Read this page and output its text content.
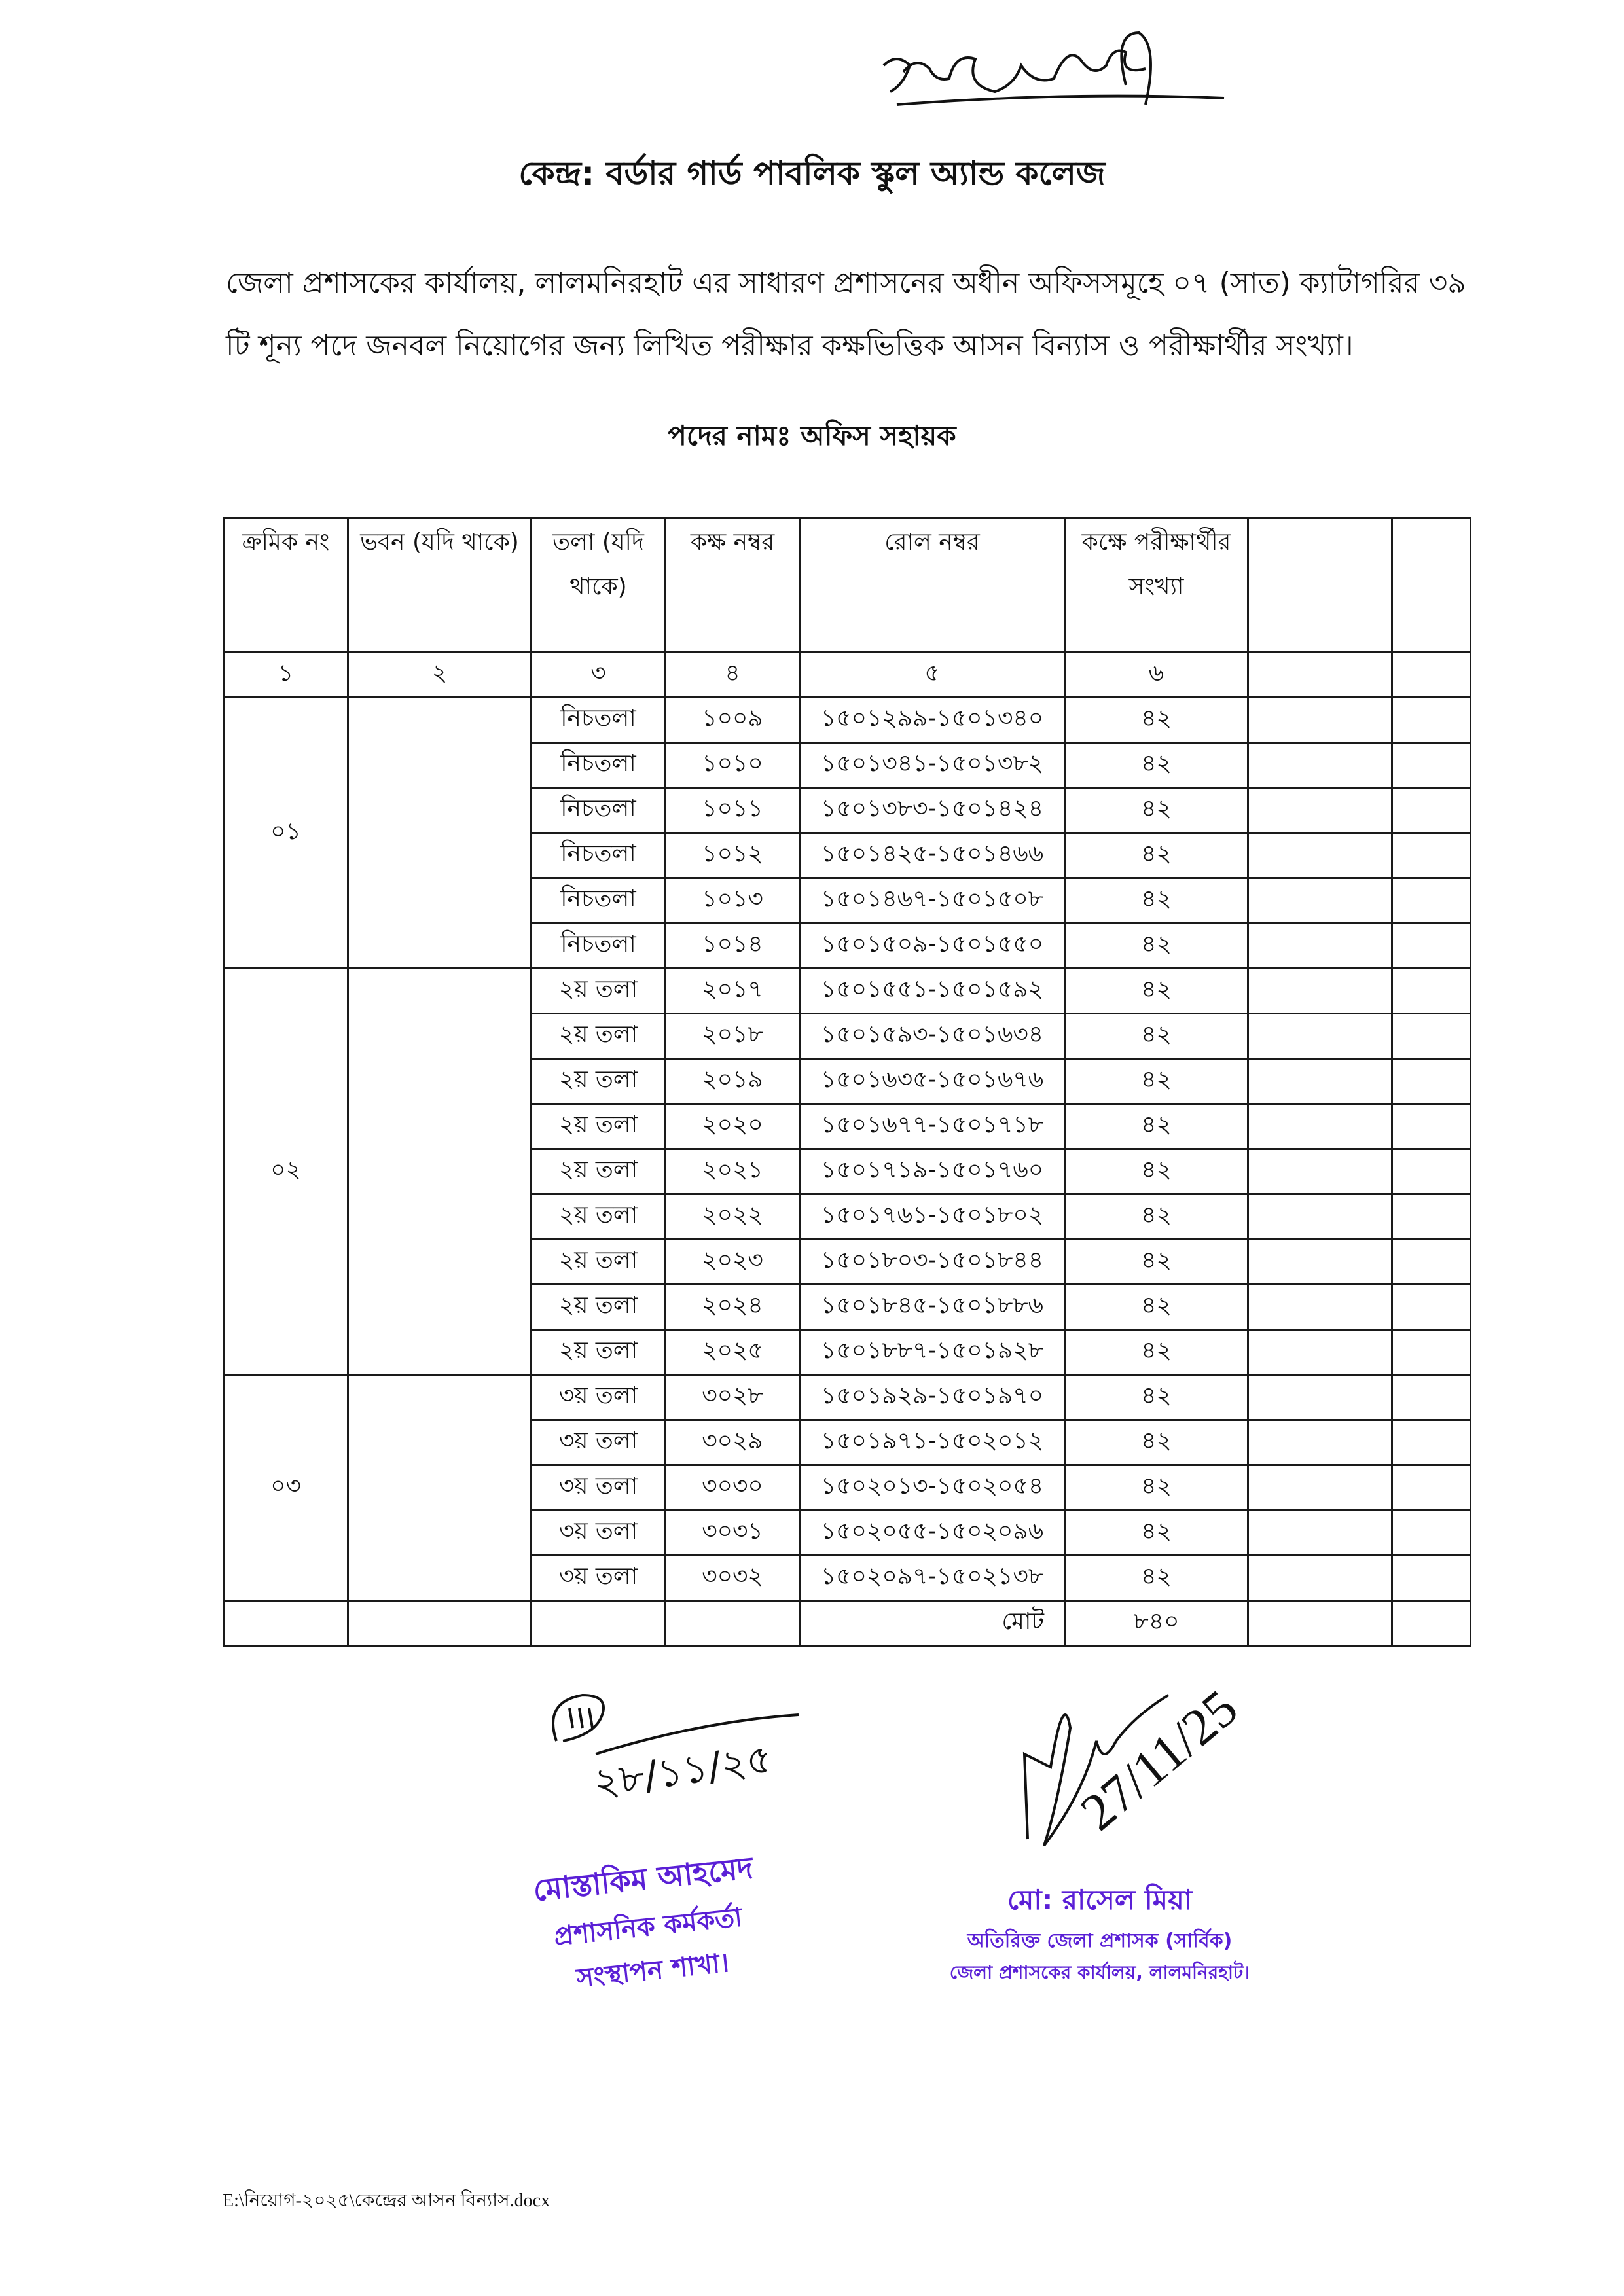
সংশোধনী
কেন্দ্র: বর্ডার গার্ড পাবলিক স্কুল অ্যান্ড কলেজ
জেলা প্রশাসকের কার্যালয়, লালমনিরহাট এর সাধারণ প্রশাসনের অধীন অফিসসমূহে ০৭ (সাত) ক্যাটাগরির ৩৯ টি শূন্য পদে জনবল নিয়োগের জন্য লিখিত পরীক্ষার কক্ষভিত্তিক আসন বিন্যাস ও পরীক্ষার্থীর সংখ্যা।
পদের নামঃ অফিস সহায়ক
ক্রমিক নং	ভবন (যদি থাকে)	তলা (যদি থাকে)	কক্ষ নম্বর	রোল নম্বর	কক্ষে পরীক্ষার্থীর সংখ্যা		
১	২	৩	৪	৫	৬		
০১		নিচতলা	১০০৯	১৫০১২৯৯-১৫০১৩৪০	৪২		
		নিচতলা	১০১০	১৫০১৩৪১-১৫০১৩৮২	৪২		
		নিচতলা	১০১১	১৫০১৩৮৩-১৫০১৪২৪	৪২		
		নিচতলা	১০১২	১৫০১৪২৫-১৫০১৪৬৬	৪২		
		নিচতলা	১০১৩	১৫০১৪৬৭-১৫০১৫০৮	৪২		
		নিচতলা	১০১৪	১৫০১৫০৯-১৫০১৫৫০	৪২		
০২		২য় তলা	২০১৭	১৫০১৫৫১-১৫০১৫৯২	৪২		
		২য় তলা	২০১৮	১৫০১৫৯৩-১৫০১৬৩৪	৪২		
		২য় তলা	২০১৯	১৫০১৬৩৫-১৫০১৬৭৬	৪২		
		২য় তলা	২০২০	১৫০১৬৭৭-১৫০১৭১৮	৪২		
		২য় তলা	২০২১	১৫০১৭১৯-১৫০১৭৬০	৪২		
		২য় তলা	২০২২	১৫০১৭৬১-১৫০১৮০২	৪২		
		২য় তলা	২০২৩	১৫০১৮০৩-১৫০১৮৪৪	৪২		
		২য় তলা	২০২৪	১৫০১৮৪৫-১৫০১৮৮৬	৪২		
		২য় তলা	২০২৫	১৫০১৮৮৭-১৫০১৯২৮	৪২		
০৩		৩য় তলা	৩০২৮	১৫০১৯২৯-১৫০১৯৭০	৪২		
		৩য় তলা	৩০২৯	১৫০১৯৭১-১৫০২০১২	৪২		
		৩য় তলা	৩০৩০	১৫০২০১৩-১৫০২০৫৪	৪২		
		৩য় তলা	৩০৩১	১৫০২০৫৫-১৫০২০৯৬	৪২		
		৩য় তলা	৩০৩২	১৫০২০৯৭-১৫০২১৩৮	৪২		
				মোট	৮৪০		
২৮/১১/২৫
মোস্তাকিম আহমেদ
প্রশাসনিক কর্মকর্তা
সংস্থাপন শাখা।
27/11/25
মো: রাসেল মিয়া
অতিরিক্ত জেলা প্রশাসক (সার্বিক)
জেলা প্রশাসকের কার্যালয়, লালমনিরহাট।
E:\নিয়োগ-২০২৫\কেন্দ্রের আসন বিন্যাস.docx
